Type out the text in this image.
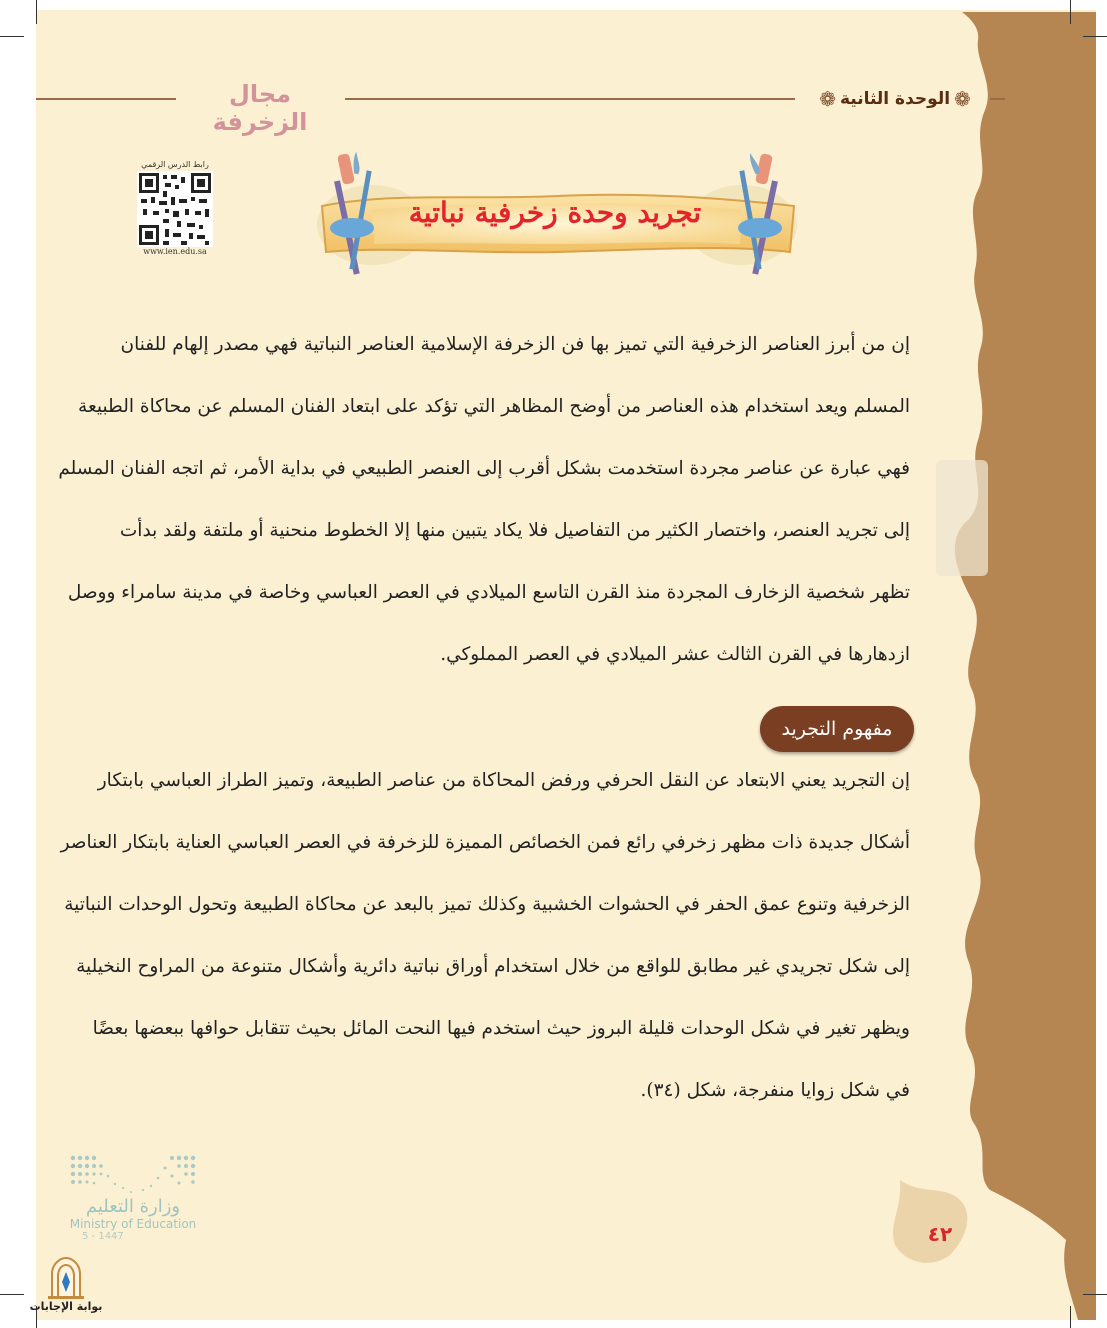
❁
الوحدة الثانية
❁
مجال الزخرفة
رابط الدرس الرقمي
www.ien.edu.sa
تجريد وحدة زخرفية نباتية
إن من أبرز العناصر الزخرفية التي تميز بها فن الزخرفة الإسلامية العناصر النباتية فهي مصدر إلهام للفنان
المسلم ويعد استخدام هذه العناصر من أوضح المظاهر التي تؤكد على ابتعاد الفنان المسلم عن محاكاة الطبيعة
فهي عبارة عن عناصر مجردة استخدمت بشكل أقرب إلى العنصر الطبيعي في بداية الأمر، ثم اتجه الفنان المسلم
إلى تجريد العنصر، واختصار الكثير من التفاصيل فلا يكاد يتبين منها إلا الخطوط منحنية أو ملتفة ولقد بدأت
تظهر شخصية الزخارف المجردة منذ القرن التاسع الميلادي في العصر العباسي وخاصة في مدينة سامراء ووصل
ازدهارها في القرن الثالث عشر الميلادي في العصر المملوكي.
مفهوم التجريد
إن التجريد يعني الابتعاد عن النقل الحرفي ورفض المحاكاة من عناصر الطبيعة، وتميز الطراز العباسي بابتكار
أشكال جديدة ذات مظهر زخرفي رائع فمن الخصائص المميزة للزخرفة في العصر العباسي العناية بابتكار العناصر
الزخرفية وتنوع عمق الحفر في الحشوات الخشبية وكذلك تميز بالبعد عن محاكاة الطبيعة وتحول الوحدات النباتية
إلى شكل تجريدي غير مطابق للواقع من خلال استخدام أوراق نباتية دائرية وأشكال متنوعة من المراوح النخيلية
ويظهر تغير في شكل الوحدات قليلة البروز حيث استخدم فيها النحت المائل بحيث تتقابل حوافها ببعضها بعضًا
في شكل زوايا منفرجة، شكل (٣٤).
٤٢
وزارة التعليم
Ministry of Education
5 - 1447
بوابة الإجابات
